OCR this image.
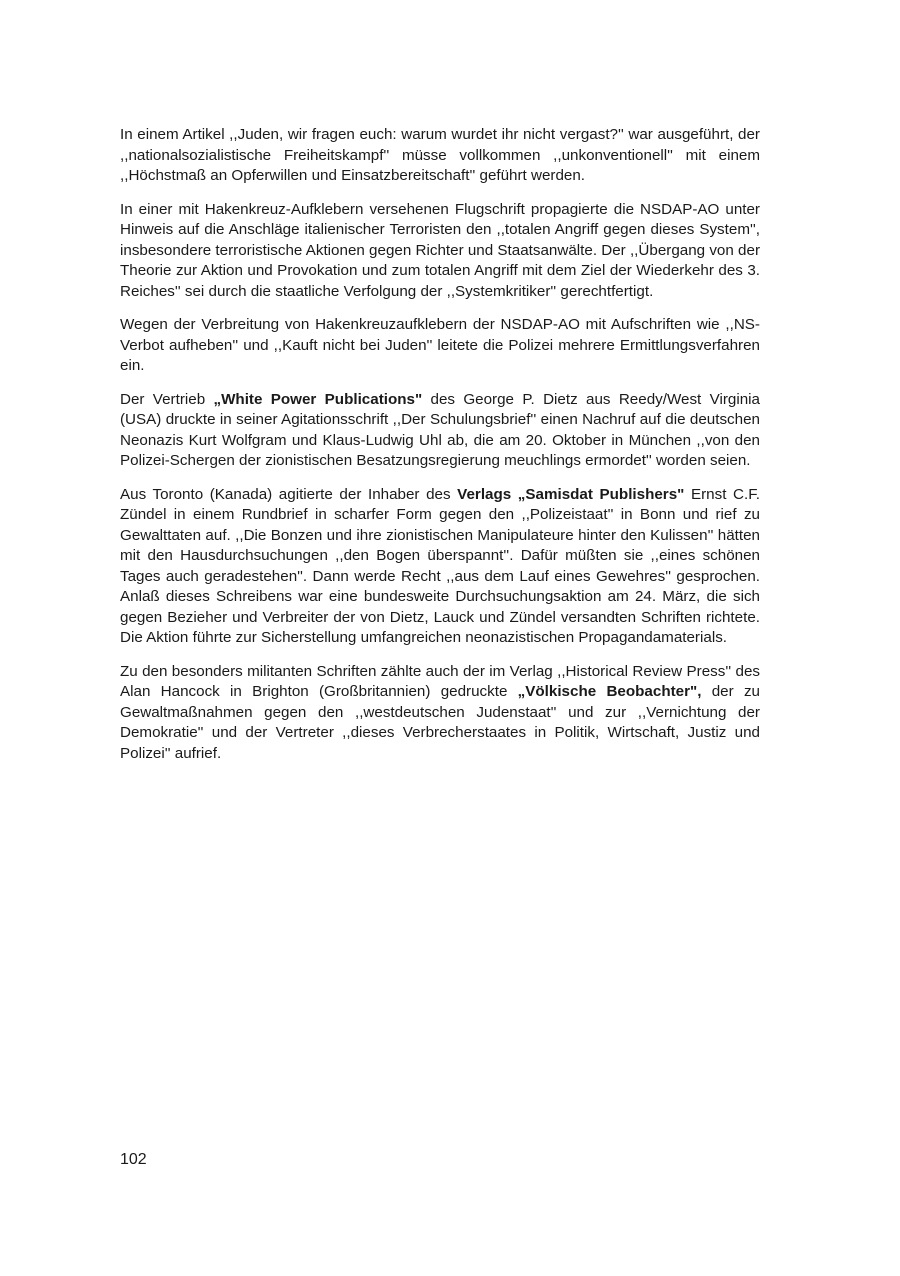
In einem Artikel ,,Juden, wir fragen euch: warum wurdet ihr nicht vergast?'' war ausgeführt, der ,,nationalsozialistische Freiheitskampf'' müsse vollkommen ,,unkonventionell'' mit einem ,,Höchstmaß an Opferwillen und Einsatzbereitschaft'' geführt werden.

In einer mit Hakenkreuz-Aufklebern versehenen Flugschrift propagierte die NSDAP-AO unter Hinweis auf die Anschläge italienischer Terroristen den ,,totalen Angriff gegen dieses System'', insbesondere terroristische Aktionen gegen Richter und Staatsanwälte. Der ,,Übergang von der Theorie zur Aktion und Provokation und zum totalen Angriff mit dem Ziel der Wiederkehr des 3. Reiches'' sei durch die staatliche Verfolgung der ,,Systemkritiker'' gerechtfertigt.

Wegen der Verbreitung von Hakenkreuzaufklebern der NSDAP-AO mit Aufschriften wie ,,NS-Verbot aufheben'' und ,,Kauft nicht bei Juden'' leitete die Polizei mehrere Ermittlungsverfahren ein.

Der Vertrieb „White Power Publications" des George P. Dietz aus Reedy/West Virginia (USA) druckte in seiner Agitationsschrift ,,Der Schulungsbrief'' einen Nachruf auf die deutschen Neonazis Kurt Wolfgram und Klaus-Ludwig Uhl ab, die am 20. Oktober in München ,,von den Polizei-Schergen der zionistischen Besatzungsregierung meuchlings ermordet'' worden seien.

Aus Toronto (Kanada) agitierte der Inhaber des Verlags „Samisdat Publishers" Ernst C.F. Zündel in einem Rundbrief in scharfer Form gegen den ,,Polizeistaat'' in Bonn und rief zu Gewalttaten auf. ,,Die Bonzen und ihre zionistischen Manipulateure hinter den Kulissen'' hätten mit den Hausdurchsuchungen ,,den Bogen überspannt''. Dafür müßten sie ,,eines schönen Tages auch geradestehen''. Dann werde Recht ,,aus dem Lauf eines Gewehres'' gesprochen. Anlaß dieses Schreibens war eine bundesweite Durchsuchungsaktion am 24. März, die sich gegen Bezieher und Verbreiter der von Dietz, Lauck und Zündel versandten Schriften richtete. Die Aktion führte zur Sicherstellung umfangreichen neonazistischen Propagandamaterials.

Zu den besonders militanten Schriften zählte auch der im Verlag ,,Historical Review Press'' des Alan Hancock in Brighton (Großbritannien) gedruckte „Völkische Beobachter", der zu Gewaltmaßnahmen gegen den ,,westdeutschen Judenstaat'' und zur ,,Vernichtung der Demokratie'' und der Vertreter ,,dieses Verbrecherstaates in Politik, Wirtschaft, Justiz und Polizei'' aufrief.

102
